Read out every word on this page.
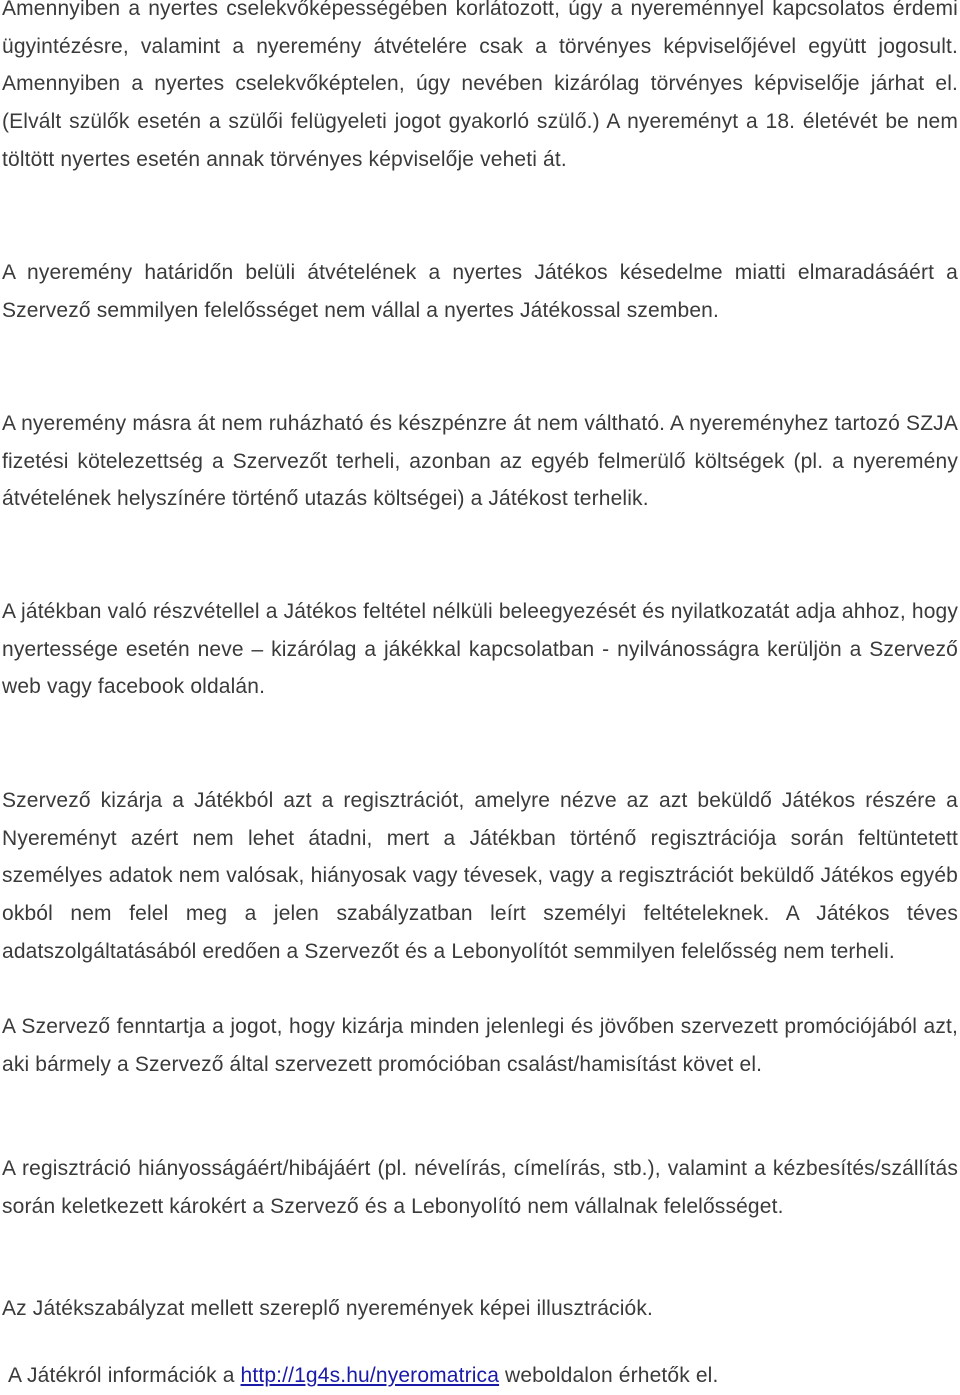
Amennyiben a nyertes cselekvőképességében korlátozott, úgy a nyereménnyel kapcsolatos érdemi ügyintézésre, valamint a nyeremény átvételére csak a törvényes képviselőjével együtt jogosult. Amennyiben a nyertes cselekvőképtelen, úgy nevében kizárólag törvényes képviselője járhat el. (Elvált szülők esetén a szülői felügyeleti jogot gyakorló szülő.) A nyereményt a 18. életévét be nem töltött nyertes esetén annak törvényes képviselője veheti át.

A nyeremény határidőn belüli átvételének a nyertes Játékos késedelme miatti elmaradásáért a Szervező semmilyen felelősséget nem vállal a nyertes Játékossal szemben.

A nyeremény másra át nem ruházható és készpénzre át nem váltható. A nyereményhez tartozó SZJA fizetési kötelezettség a Szervezőt terheli, azonban az egyéb felmerülő költségek (pl. a nyeremény átvételének helyszínére történő utazás költségei) a Játékost terhelik.

A játékban való részvétellel a Játékos feltétel nélküli beleegyezését és nyilatkozatát adja ahhoz, hogy nyertessége esetén neve – kizárólag a jákékkal kapcsolatban - nyilvánosságra kerüljön a Szervező web vagy facebook oldalán.

Szervező kizárja a Játékból azt a regisztrációt, amelyre nézve az azt beküldő Játékos részére a Nyereményt azért nem lehet átadni, mert a Játékban történő regisztrációja során feltüntetett személyes adatok nem valósak, hiányosak vagy tévesek, vagy a regisztrációt beküldő Játékos egyéb okból nem felel meg a jelen szabályzatban leírt személyi feltételeknek. A Játékos téves adatszolgáltatásából eredően a Szervezőt és a Lebonyolítót semmilyen felelősség nem terheli.

A Szervező fenntartja a jogot, hogy kizárja minden jelenlegi és jövőben szervezett promóciójából azt, aki bármely a Szervező által szervezett promócióban csalást/hamisítást követ el.

A regisztráció hiányosságáért/hibájáért (pl. névelírás, címelírás, stb.), valamint a kézbesítés/szállítás során keletkezett károkért a Szervező és a Lebonyolító nem vállalnak felelősséget.

Az Játékszabályzat mellett szereplő nyeremények képei illusztrációk.

A Játékról információk a http://1g4s.hu/nyeromatrica weboldalon érhetők el.
